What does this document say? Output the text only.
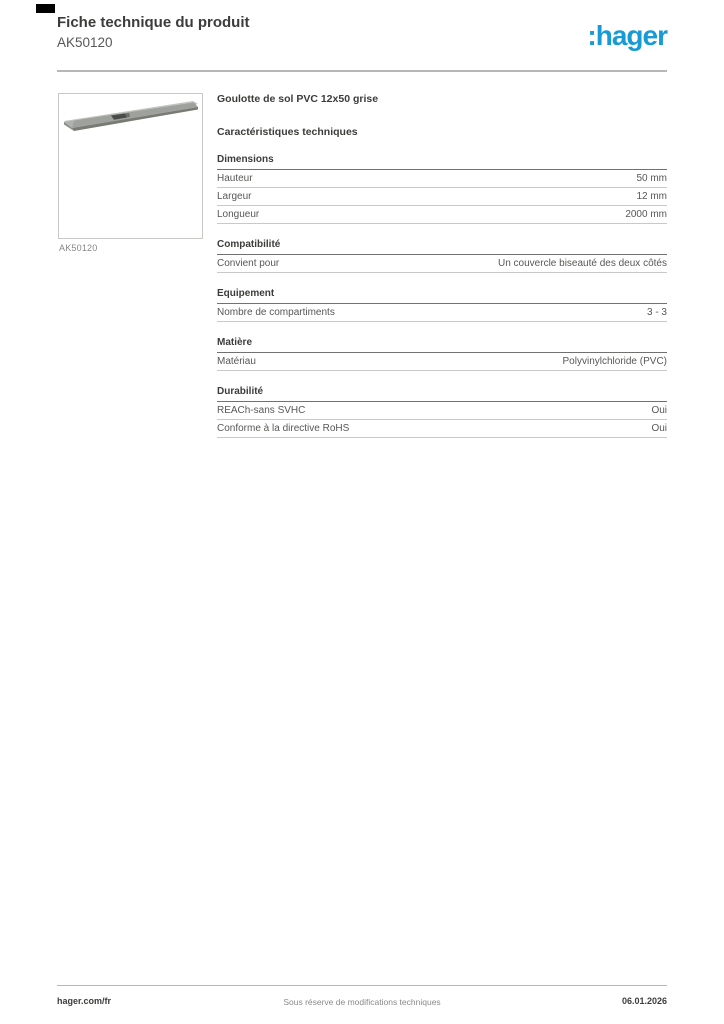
Fiche technique du produit
AK50120	:hager
AK50120
Goulotte de sol PVC 12x50 grise
Caractéristiques techniques
Dimensions
Hauteur	50 mm
Largeur	12 mm
Longueur	2000 mm
Compatibilité
Convient pour	Un couvercle biseauté des deux côtés
Equipement
Nombre de compartiments	3 - 3
Matière
Matériau	Polyvinylchloride (PVC)
Durabilité
REACh-sans SVHC	Oui
Conforme à la directive RoHS	Oui
hager.com/fr	Sous réserve de modifications techniques	06.01.2026
